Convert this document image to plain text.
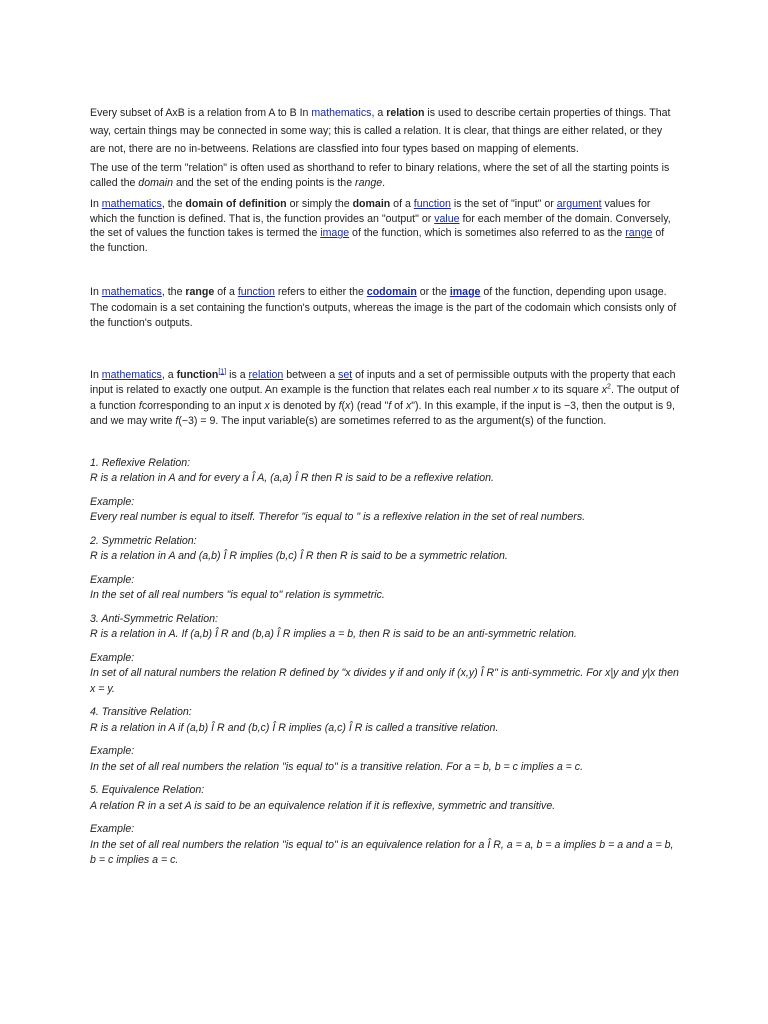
Every subset of AxB is a relation from A to B In mathematics, a relation is used to describe certain properties of things. That way, certain things may be connected in some way; this is called a relation. It is clear, that things are either related, or they are not, there are no in-betweens. Relations are classfied into four types based on mapping of elements.

The use of the term "relation" is often used as shorthand to refer to binary relations, where the set of all the starting points is called the domain and the set of the ending points is the range.

In mathematics, the domain of definition or simply the domain of a function is the set of "input" or argument values for which the function is defined. That is, the function provides an "output" or value for each member of the domain. Conversely, the set of values the function takes is termed the image of the function, which is sometimes also referred to as the range of the function.

In mathematics, the range of a function refers to either the codomain or the image of the function, depending upon usage. The codomain is a set containing the function's outputs, whereas the image is the part of the codomain which consists only of the function's outputs.

In mathematics, a function[1] is a relation between a set of inputs and a set of permissible outputs with the property that each input is related to exactly one output. An example is the function that relates each real number x to its square $x^2$. The output of a function fcorresponding to an input x is denoted by f(x) (read "f of x"). In this example, if the input is −3, then the output is 9, and we may write f(−3) = 9. The input variable(s) are sometimes referred to as the argument(s) of the function.

1. Reflexive Relation:
R is a relation in A and for every a Î A, (a,a) Î R then R is said to be a reflexive relation.

Example:
Every real number is equal to itself. Therefor "is equal to " is a reflexive relation in the set of real numbers.

2. Symmetric Relation:
R is a relation in A and (a,b) Î R implies (b,c) Î R then R is said to be a symmetric relation.

Example:
In the set of all real numbers "is equal to" relation is symmetric.

3. Anti-Symmetric Relation:
R is a relation in A. If (a,b) Î R and (b,a) Î R implies a = b, then R is said to be an anti-symmetric relation.

Example:
In set of all natural numbers the relation R defined by "x divides y if and only if (x,y) Î R" is anti-symmetric. For x|y and y|x then x = y.

4. Transitive Relation:
R is a relation in A if (a,b) Î R and (b,c) Î R implies (a,c) Î R is called a transitive relation.

Example:
In the set of all real numbers the relation "is equal to" is a transitive relation. For a = b, b = c implies a = c.

5. Equivalence Relation:
A relation R in a set A is said to be an equivalence relation if it is reflexive, symmetric and transitive.

Example:
In the set of all real numbers the relation "is equal to" is an equivalence relation for a Î R, a = a, b = a implies b = a and a = b, b = c implies a = c.
